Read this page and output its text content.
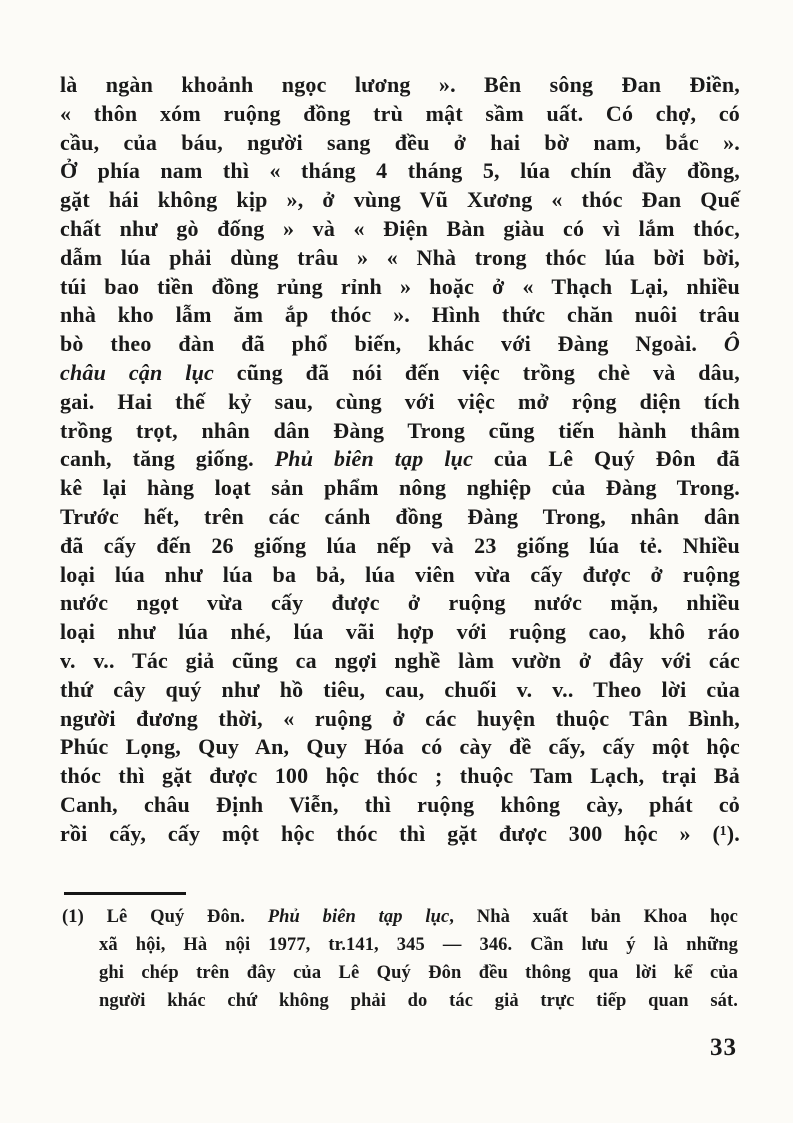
là ngàn khoảnh ngọc lương ». Bên sông Đan Điền,
« thôn xóm ruộng đồng trù mật sầm uất. Có chợ, có
cầu, của báu, người sang đều ở hai bờ nam, bắc ».
Ở phía nam thì « tháng 4 tháng 5, lúa chín đầy đồng,
gặt hái không kịp », ở vùng Vũ Xương « thóc Đan Quế
chất như gò đống » và « Điện Bàn giàu có vì lắm thóc,
dẫm lúa phải dùng trâu » « Nhà trong thóc lúa bời bời,
túi bao tiền đồng rủng rỉnh » hoặc ở « Thạch Lại, nhiều
nhà kho lẫm ăm ắp thóc ». Hình thức chăn nuôi trâu
bò theo đàn đã phổ biến, khác với Đàng Ngoài. Ô
châu cận lục cũng đã nói đến việc trồng chè và dâu,
gai. Hai thế kỷ sau, cùng với việc mở rộng diện tích
trồng trọt, nhân dân Đàng Trong cũng tiến hành thâm
canh, tăng giống. Phủ biên tạp lục của Lê Quý Đôn đã
kê lại hàng loạt sản phẩm nông nghiệp của Đàng Trong.
Trước hết, trên các cánh đồng Đàng Trong, nhân dân
đã cấy đến 26 giống lúa nếp và 23 giống lúa tẻ. Nhiều
loại lúa như lúa ba bả, lúa viên vừa cấy được ở ruộng
nước ngọt vừa cấy được ở ruộng nước mặn, nhiều
loại như lúa nhé, lúa vãi hợp với ruộng cao, khô ráo
v. v.. Tác giả cũng ca ngợi nghề làm vườn ở đây với các
thứ cây quý như hồ tiêu, cau, chuối v. v.. Theo lời của
người đương thời, « ruộng ở các huyện thuộc Tân Bình,
Phúc Lọng, Quy An, Quy Hóa có cày đề cấy, cấy một hộc
thóc thì gặt được 100 hộc thóc ; thuộc Tam Lạch, trại Bả
Canh, châu Định Viễn, thì ruộng không cày, phát cỏ
rồi cấy, cấy một hộc thóc thì gặt được 300 hộc » (¹).
(1) Lê Quý Đôn. Phủ biên tạp lục, Nhà xuất bản Khoa học
xã hội, Hà nội 1977, tr.141, 345 — 346. Cần lưu ý là những
ghi chép trên đây của Lê Quý Đôn đều thông qua lời kể của
người khác chứ không phải do tác giả trực tiếp quan sát.
33
